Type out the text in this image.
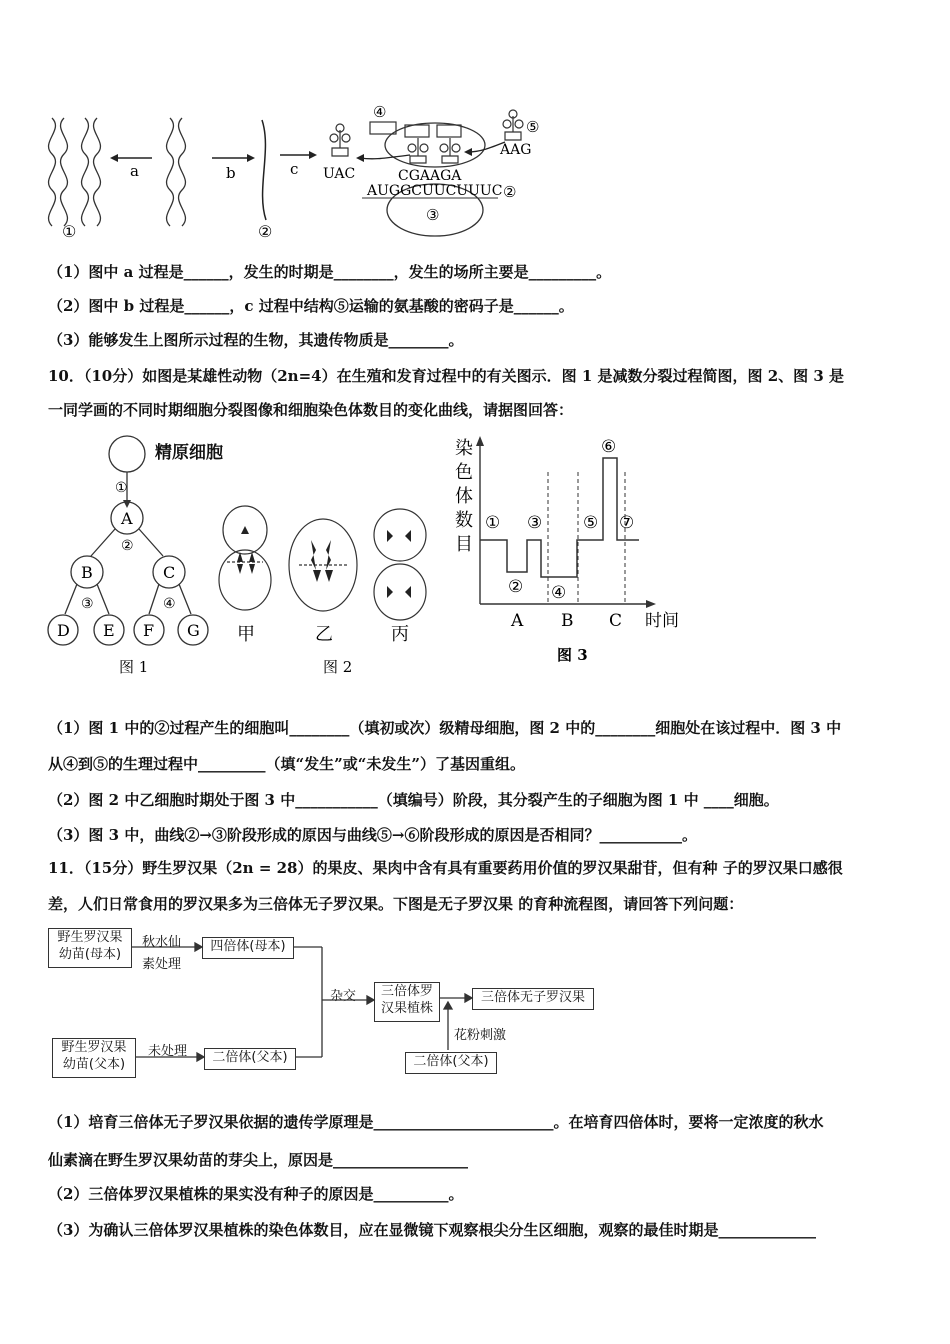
a	b	c
①	②
UAC
④
⑤
AAG
CGAAGA
AUGGCUUCUUUC ②
③
（1）图中 a 过程是______，发生的时期是________，发生的场所主要是_________。
（2）图中 b 过程是______，c 过程中结构⑤运输的氨基酸的密码子是______。
（3）能够发生上图所示过程的生物，其遗传物质是________。
10．（10分）如图是某雄性动物（2n=4）在生殖和发育过程中的有关图示．图 1 是减数分裂过程简图，图 2、图 3 是
一同学画的不同时期细胞分裂图像和细胞染色体数目的变化曲线，请据图回答：
①
A
②
B	C
③	④
D E F G
图 1
精原细胞
甲	乙	丙
图 2
染
色
体
数
目
①
②
③
④
⑤
⑥
⑦
A B C 时间
图 3
（1）图 1 中的②过程产生的细胞叫________（填初或次）级精母细胞，图 2 中的________细胞处在该过程中．图 3 中
从④到⑤的生理过程中_________（填“发生”或“未发生”）了基因重组。
（2）图 2 中乙细胞时期处于图 3 中___________（填编号）阶段，其分裂产生的子细胞为图 1 中 ____细胞。
（3）图 3 中，曲线②→③阶段形成的原因与曲线⑤→⑥阶段形成的原因是否相同？___________。
11．（15分）野生罗汉果（2n = 28）的果皮、果肉中含有具有重要药用价值的罗汉果甜苷，但有种 子的罗汉果口感很
差，人们日常食用的罗汉果多为三倍体无子罗汉果。下图是无子罗汉果 的育种流程图，请回答下列问题：
野生罗汉果
幼苗(母本)
秋水仙
素处理
四倍体(母本)
野生罗汉果
幼苗(父本)
未处理	二倍体(父本)
杂交	三倍体罗
汉果植株
三倍体无子罗汉果
花粉刺激
二倍体(父本)
（1）培育三倍体无子罗汉果依据的遗传学原理是________________________。在培育四倍体时，要将一定浓度的秋水
仙素滴在野生罗汉果幼苗的芽尖上，原因是__________________
（2）三倍体罗汉果植株的果实没有种子的原因是__________。
（3）为确认三倍体罗汉果植株的染色体数目，应在显微镜下观察根尖分生区细胞，观察的最佳时期是_____________
